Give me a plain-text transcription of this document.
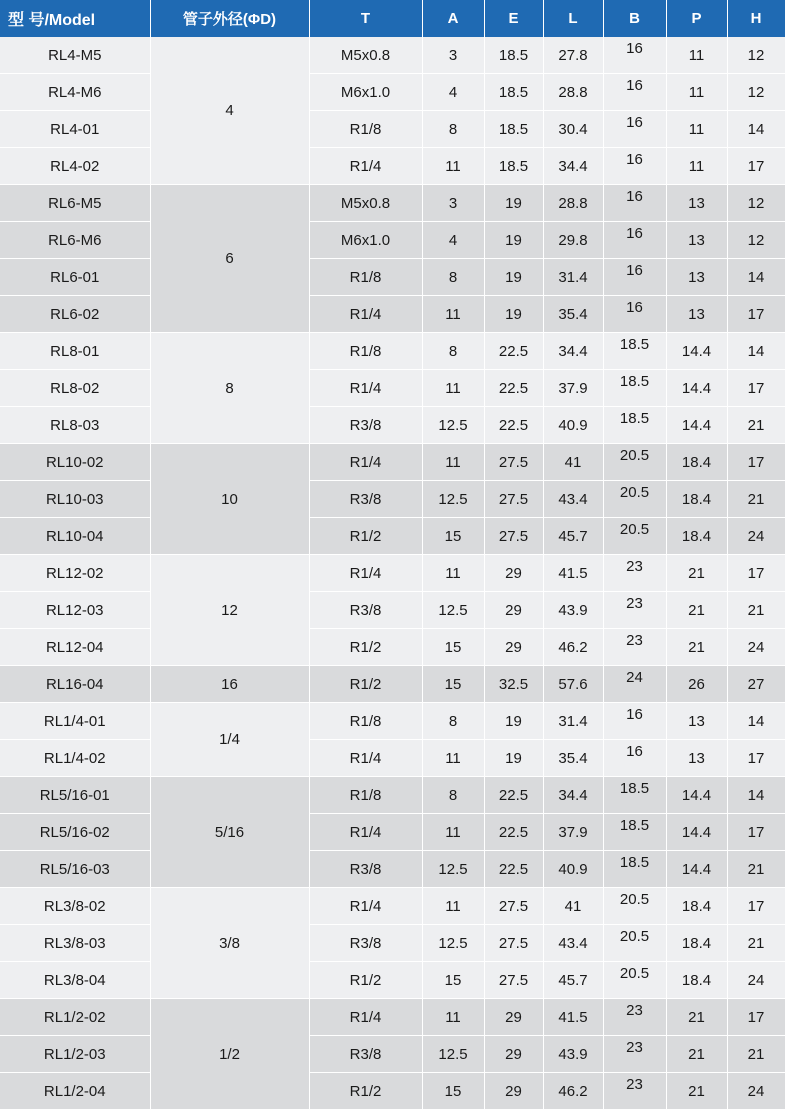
型 号/Model	管子外径(ΦD)	T	A	E	L	B	P	H
RL4-M5	4	M5x0.8	3	18.5	27.8	16	11	12
RL4-M6		M6x1.0	4	18.5	28.8	16	11	12
RL4-01		R1/8	8	18.5	30.4	16	11	14
RL4-02		R1/4	11	18.5	34.4	16	11	17
RL6-M5	6	M5x0.8	3	19	28.8	16	13	12
RL6-M6		M6x1.0	4	19	29.8	16	13	12
RL6-01		R1/8	8	19	31.4	16	13	14
RL6-02		R1/4	11	19	35.4	16	13	17
RL8-01	8	R1/8	8	22.5	34.4	18.5	14.4	14
RL8-02		R1/4	11	22.5	37.9	18.5	14.4	17
RL8-03		R3/8	12.5	22.5	40.9	18.5	14.4	21
RL10-02	10	R1/4	11	27.5	41	20.5	18.4	17
RL10-03		R3/8	12.5	27.5	43.4	20.5	18.4	21
RL10-04		R1/2	15	27.5	45.7	20.5	18.4	24
RL12-02	12	R1/4	11	29	41.5	23	21	17
RL12-03		R3/8	12.5	29	43.9	23	21	21
RL12-04		R1/2	15	29	46.2	23	21	24
RL16-04	16	R1/2	15	32.5	57.6	24	26	27
RL1/4-01	1/4	R1/8	8	19	31.4	16	13	14
RL1/4-02		R1/4	11	19	35.4	16	13	17
RL5/16-01	5/16	R1/8	8	22.5	34.4	18.5	14.4	14
RL5/16-02		R1/4	11	22.5	37.9	18.5	14.4	17
RL5/16-03		R3/8	12.5	22.5	40.9	18.5	14.4	21
RL3/8-02	3/8	R1/4	11	27.5	41	20.5	18.4	17
RL3/8-03		R3/8	12.5	27.5	43.4	20.5	18.4	21
RL3/8-04		R1/2	15	27.5	45.7	20.5	18.4	24
RL1/2-02	1/2	R1/4	11	29	41.5	23	21	17
RL1/2-03		R3/8	12.5	29	43.9	23	21	21
RL1/2-04		R1/2	15	29	46.2	23	21	24
